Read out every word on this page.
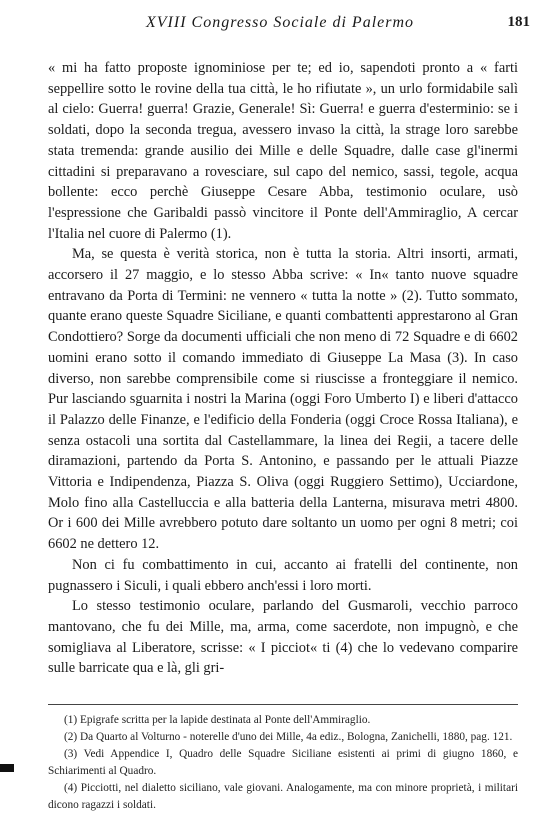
XVIII Congresso Sociale di Palermo	181

« mi ha fatto proposte ignominiose per te; ed io, sapendoti pronto a « farti seppellire sotto le rovine della tua città, le ho rifiutate », un urlo formidabile salì al cielo: Guerra! guerra! Grazie, Generale! Sì: Guerra! e guerra d'esterminio: se i soldati, dopo la seconda tregua, avessero invaso la città, la strage loro sarebbe stata tremenda: grande ausilio dei Mille e delle Squadre, dalle case gl'inermi cittadini si preparavano a rovesciare, sul capo del nemico, sassi, tegole, acqua bollente: ecco perchè Giuseppe Cesare Abba, testimonio oculare, usò l'espressione che Garibaldi passò vincitore il Ponte dell'Ammiraglio, A cercar l'Italia nel cuore di Palermo (1).

Ma, se questa è verità storica, non è tutta la storia. Altri insorti, armati, accorsero il 27 maggio, e lo stesso Abba scrive: « In« tanto nuove squadre entravano da Porta di Termini: ne vennero « tutta la notte » (2). Tutto sommato, quante erano queste Squadre Siciliane, e quanti combattenti apprestarono al Gran Condottiero? Sorge da documenti ufficiali che non meno di 72 Squadre e di 6602 uomini erano sotto il comando immediato di Giuseppe La Masa (3). In caso diverso, non sarebbe comprensibile come si riuscisse a fronteggiare il nemico. Pur lasciando sguarnita i nostri la Marina (oggi Foro Umberto I) e liberi d'attacco il Palazzo delle Finanze, e l'edificio della Fonderia (oggi Croce Rossa Italiana), e senza ostacoli una sortita dal Castellammare, la linea dei Regii, a tacere delle diramazioni, partendo da Porta S. Antonino, e passando per le attuali Piazze Vittoria e Indipendenza, Piazza S. Oliva (oggi Ruggiero Settimo), Ucciardone, Molo fino alla Castelluccia e alla batteria della Lanterna, misurava metri 4800. Or i 600 dei Mille avrebbero potuto dare soltanto un uomo per ogni 8 metri; coi 6602 ne dettero 12.

Non ci fu combattimento in cui, accanto ai fratelli del continente, non pugnassero i Siculi, i quali ebbero anch'essi i loro morti.

Lo stesso testimonio oculare, parlando del Gusmaroli, vecchio parroco mantovano, che fu dei Mille, ma, arma, come sacerdote, non impugnò, e che somigliava al Liberatore, scrisse: « I picciot« ti (4) che lo vedevano comparire sulle barricate qua e là, gli gri-

(1) Epigrafe scritta per la lapide destinata al Ponte dell'Ammiraglio.

(2) Da Quarto al Volturno - noterelle d'uno dei Mille, 4a ediz., Bologna, Zanichelli, 1880, pag. 121.

(3) Vedi Appendice I, Quadro delle Squadre Siciliane esistenti ai primi di giugno 1860, e Schiarimenti al Quadro.

(4) Picciotti, nel dialetto siciliano, vale giovani. Analogamente, ma con minore proprietà, i militari dicono ragazzi i soldati.
